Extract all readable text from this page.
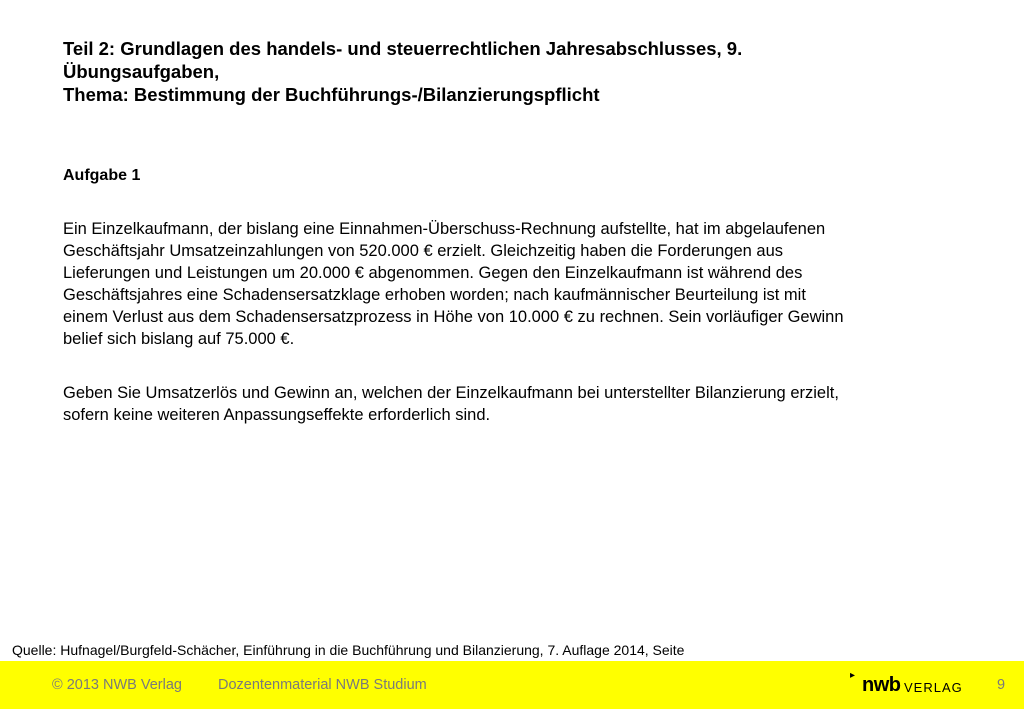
Teil 2: Grundlagen des handels- und steuerrechtlichen Jahresabschlusses, 9.
Übungsaufgaben,
Thema: Bestimmung der Buchführungs-/Bilanzierungspflicht

Aufgabe 1

Ein Einzelkaufmann, der bislang eine Einnahmen-Überschuss-Rechnung aufstellte, hat im abgelaufenen
Geschäftsjahr Umsatzeinzahlungen von 520.000 € erzielt. Gleichzeitig haben die Forderungen aus
Lieferungen und Leistungen um 20.000 € abgenommen. Gegen den Einzelkaufmann ist während des
Geschäftsjahres eine Schadensersatzklage erhoben worden; nach kaufmännischer Beurteilung ist mit
einem Verlust aus dem Schadensersatzprozess in Höhe von 10.000 € zu rechnen. Sein vorläufiger Gewinn
belief sich bislang auf 75.000 €.

Geben Sie Umsatzerlös und Gewinn an, welchen der Einzelkaufmann bei unterstellter Bilanzierung erzielt,
sofern keine weiteren Anpassungseffekte erforderlich sind.

Quelle: Hufnagel/Burgfeld-Schächer, Einführung in die Buchführung und Bilanzierung, 7. Auflage 2014, Seite

© 2013 NWB Verlag Dozentenmaterial NWB Studium
▸ nwb VERLAG 9
